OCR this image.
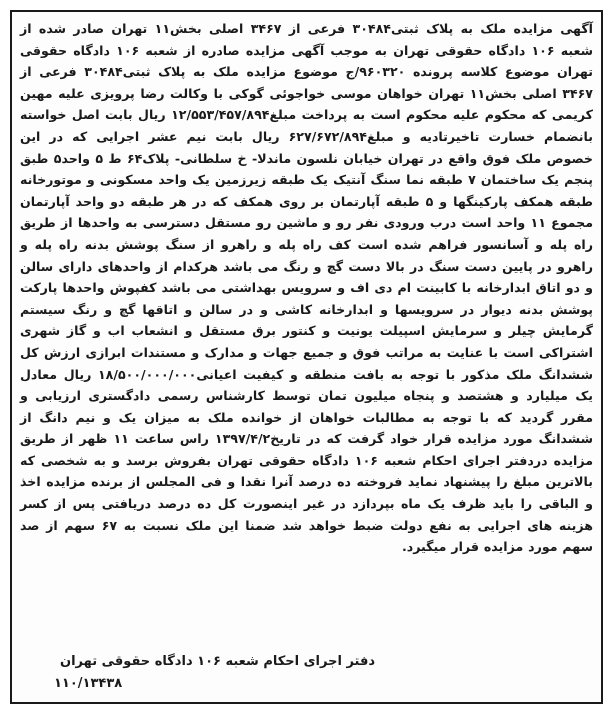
آگهی مزایده ملک به پلاک ثبتی۳۰۴۸۴ فرعی از ۳۴۶۷ اصلی بخش۱۱ تهران صادر شده از شعبه ۱۰۶ دادگاه حقوقی تهران به موجب آگهی مزایده صادره از شعبه ۱۰۶ دادگاه حقوقی تهران موضوع کلاسه پرونده ۹۶۰۳۲۰/ج موضوع مزایده ملک به پلاک ثبتی۳۰۴۸۴ فرعی از ۳۴۶۷ اصلی بخش۱۱ تهران خواهان موسی خواجوئی گوکی با وکالت رضا پرویزی علیه مهین کریمی که محکوم علیه محکوم است به پرداخت مبلغ۱۲/۵۵۳/۴۵۷/۸۹۴ ریال بابت اصل خواسته بانضمام خسارت تاخیرتادیه و مبلغ۶۲۷/۶۷۲/۸۹۴ ریال بابت نیم عشر اجرایی که در این خصوص ملک فوق واقع در تهران خیابان نلسون ماندلا- خ سلطانی- پلاک۶۴ ط ۵ واحد۵ طبق پنجم یک ساختمان ۷ طبقه نما سنگ آنتیک یک طبقه زیرزمین یک واحد مسکونی و موتورخانه طبقه همکف پارکینگها و ۵ طبقه آپارتمان بر روی همکف که در هر طبقه دو واحد آپارتمان مجموع ۱۱ واحد است درب ورودی نفر رو و ماشین رو مستقل دسترسی به واحدها از طریق راه پله و آسانسور فراهم شده است کف راه پله و راهرو از سنگ پوشش بدنه راه پله و راهرو در پایین دست سنگ در بالا دست گچ و رنگ می باشد هرکدام از واحدهای دارای سالن و دو اتاق ابدارخانه با کابینت ام دی اف و سرویس بهداشتی می باشد کفپوش واحدها پارکت پوشش بدنه دیوار در سرویسها و ابدارخانه کاشی و در سالن و اتاقها گچ و رنگ سیستم گرمایش چیلر و سرمایش اسپیلت یونیت و کنتور برق مستقل و انشعاب اب و گاز شهری اشتراکی است با عنایت به مراتب فوق و جمیع جهات و مدارک و مستندات ابرازی ارزش کل ششدانگ ملک مذکور با توجه به بافت منطقه و کیفیت اعیانی۱۸/۵۰۰/۰۰۰/۰۰۰ ریال معادل یک میلیارد و هشتصد و پنجاه میلیون تمان توسط کارشناس رسمی دادگستری ارزیابی و مقرر گردید که با توجه به مطالبات خواهان از خوانده ملک به میزان یک و نیم دانگ از ششدانگ مورد مزایده قرار خواد گرفت که در تاریخ۱۳۹۷/۴/۲ راس ساعت ۱۱ ظهر از طریق مزایده دردفتر اجرای احکام شعبه ۱۰۶ دادگاه حقوقی تهران بفروش برسد و به شخصی که بالاترین مبلغ را پیشنهاد نماید فروخته ده درصد آنرا نقدا و فی المجلس از برنده مزایده اخذ و الباقی را باید ظرف یک ماه بپردازد در غیر اینصورت کل ده درصد دریافتی پس از کسر هزینه های اجرایی به نفع دولت ضبط خواهد شد ضمنا این ملک نسبت به ۶۷ سهم از صد سهم مورد مزایده قرار میگیرد.

دفتر اجرای احکام شعبه ۱۰۶ دادگاه حقوقی تهران
۱۱۰/۱۳۴۳۸
